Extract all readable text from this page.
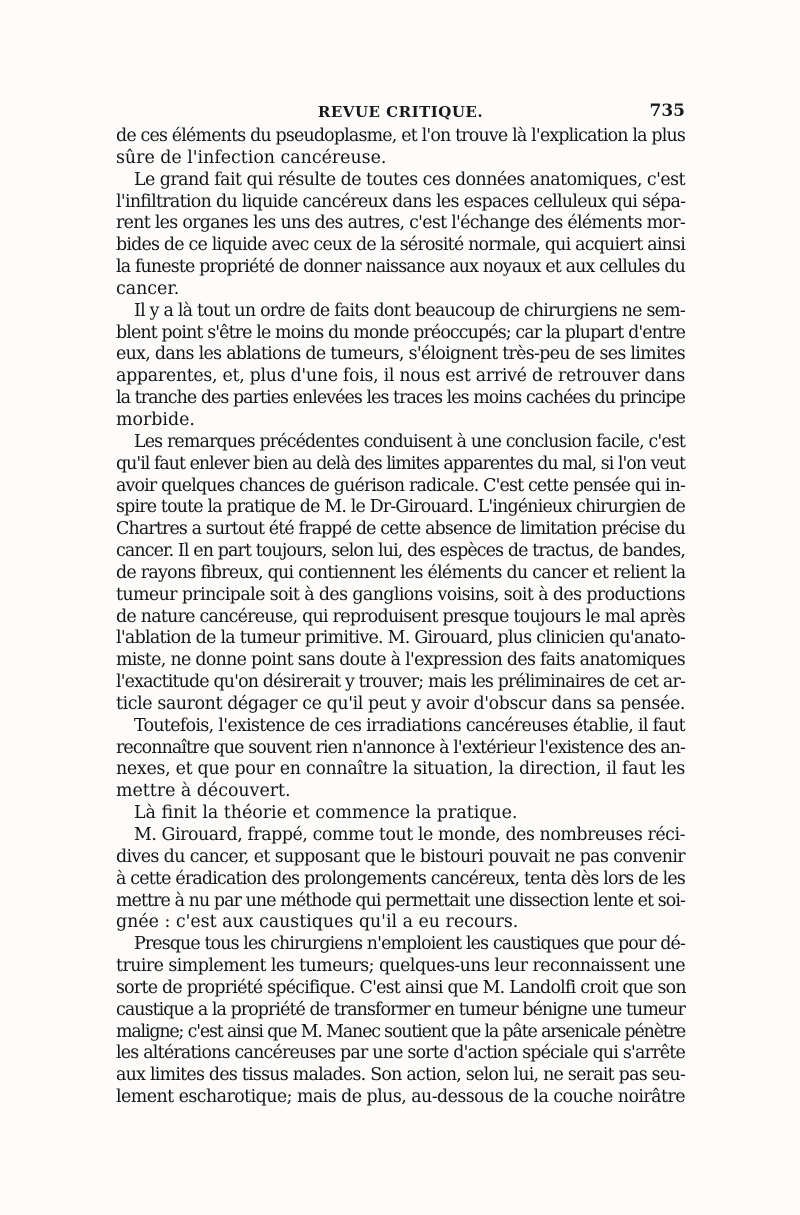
REVUE CRITIQUE.	735
de ces éléments du pseudoplasme, et l'on trouve là l'explication la plus
sûre de l'infection cancéreuse.
Le grand fait qui résulte de toutes ces données anatomiques, c'est
l'infiltration du liquide cancéreux dans les espaces celluleux qui sépa-
rent les organes les uns des autres, c'est l'échange des éléments mor-
bides de ce liquide avec ceux de la sérosité normale, qui acquiert ainsi
la funeste propriété de donner naissance aux noyaux et aux cellules du
cancer.
Il y a là tout un ordre de faits dont beaucoup de chirurgiens ne sem-
blent point s'être le moins du monde préoccupés; car la plupart d'entre
eux, dans les ablations de tumeurs, s'éloignent très-peu de ses limites
apparentes, et, plus d'une fois, il nous est arrivé de retrouver dans
la tranche des parties enlevées les traces les moins cachées du principe
morbide.
Les remarques précédentes conduisent à une conclusion facile, c'est
qu'il faut enlever bien au delà des limites apparentes du mal, si l'on veut
avoir quelques chances de guérison radicale. C'est cette pensée qui in-
spire toute la pratique de M. le Dr-Girouard. L'ingénieux chirurgien de
Chartres a surtout été frappé de cette absence de limitation précise du
cancer. Il en part toujours, selon lui, des espèces de tractus, de bandes,
de rayons fibreux, qui contiennent les éléments du cancer et relient la
tumeur principale soit à des ganglions voisins, soit à des productions
de nature cancéreuse, qui reproduisent presque toujours le mal après
l'ablation de la tumeur primitive. M. Girouard, plus clinicien qu'anato-
miste, ne donne point sans doute à l'expression des faits anatomiques
l'exactitude qu'on désirerait y trouver; mais les préliminaires de cet ar-
ticle sauront dégager ce qu'il peut y avoir d'obscur dans sa pensée.
Toutefois, l'existence de ces irradiations cancéreuses établie, il faut
reconnaître que souvent rien n'annonce à l'extérieur l'existence des an-
nexes, et que pour en connaître la situation, la direction, il faut les
mettre à découvert.
Là finit la théorie et commence la pratique.
M. Girouard, frappé, comme tout le monde, des nombreuses réci-
dives du cancer, et supposant que le bistouri pouvait ne pas convenir
à cette éradication des prolongements cancéreux, tenta dès lors de les
mettre à nu par une méthode qui permettait une dissection lente et soi-
gnée : c'est aux caustiques qu'il a eu recours.
Presque tous les chirurgiens n'emploient les caustiques que pour dé-
truire simplement les tumeurs; quelques-uns leur reconnaissent une
sorte de propriété spécifique. C'est ainsi que M. Landolfi croit que son
caustique a la propriété de transformer en tumeur bénigne une tumeur
maligne; c'est ainsi que M. Manec soutient que la pâte arsenicale pénètre
les altérations cancéreuses par une sorte d'action spéciale qui s'arrête
aux limites des tissus malades. Son action, selon lui, ne serait pas seu-
lement escharotique; mais de plus, au-dessous de la couche noirâtre
